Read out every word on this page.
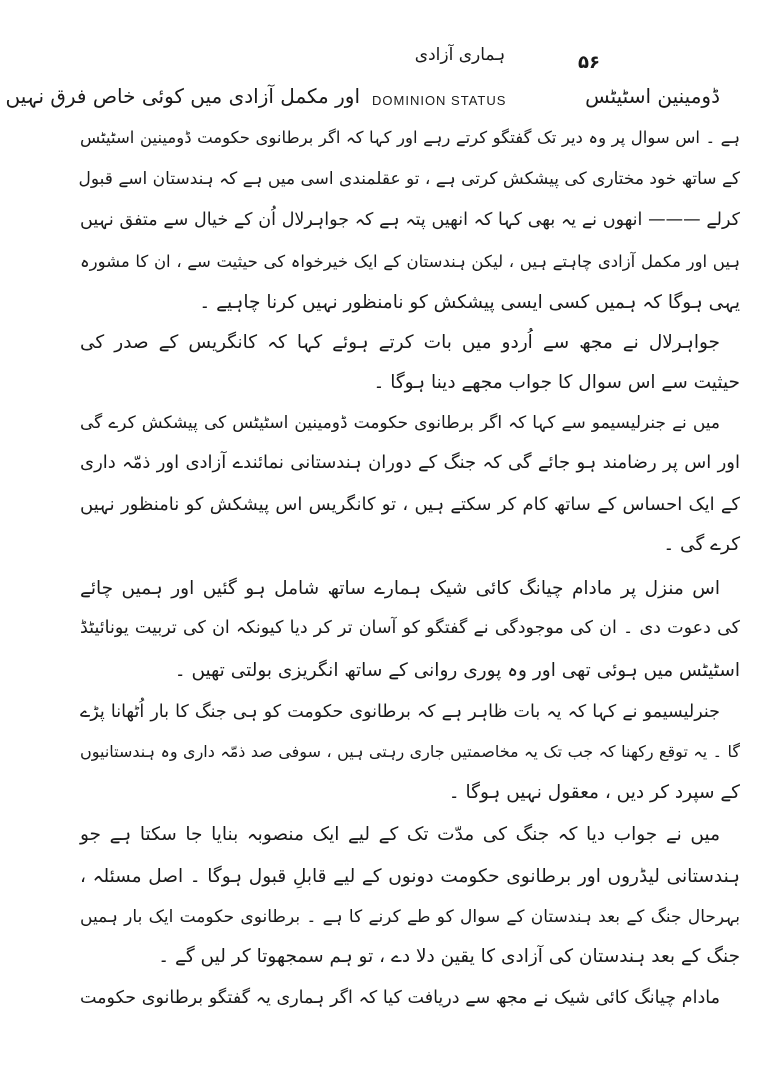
ہماری آزادی	۵۶
DOMINION STATUS
اور مکمل آزادی میں کوئی خاص فرق نہیں	ڈومینین اسٹیٹس
ہے ۔ اس سوال پر وہ دیر تک گفتگو کرتے رہے اور کہا کہ اگر برطانوی حکومت ڈومینین اسٹیٹس
کے ساتھ خود مختاری کی پیشکش کرتی ہے ، تو عقلمندی اسی میں ہے کہ ہندستان اسے قبول
کرلے ——— انھوں نے یہ بھی کہا کہ انھیں پتہ ہے کہ جواہرلال اُن کے خیال سے متفق نہیں
ہیں اور مکمل آزادی چاہتے ہیں ، لیکن ہندستان کے ایک خیرخواہ کی حیثیت سے ، ان کا مشورہ
یہی ہوگا کہ ہمیں کسی ایسی پیشکش کو نامنظور نہیں کرنا چاہیے ۔
جواہرلال نے مجھ سے اُردو میں بات کرتے ہوئے کہا کہ کانگریس کے صدر کی
حیثیت سے اس سوال کا جواب مجھے دینا ہوگا ۔
میں نے جنرلیسیمو سے کہا کہ اگر برطانوی حکومت ڈومینین اسٹیٹس کی پیشکش کرے گی
اور اس پر رضامند ہو جائے گی کہ جنگ کے دوران ہندستانی نمائندے آزادی اور ذمّہ داری
کے ایک احساس کے ساتھ کام کر سکتے ہیں ، تو کانگریس اس پیشکش کو نامنظور نہیں
کرے گی ۔
اس منزل پر مادام چیانگ کائی شیک ہمارے ساتھ شامل ہو گئیں اور ہمیں چائے
کی دعوت دی ۔ ان کی موجودگی نے گفتگو کو آسان تر کر دیا کیونکہ ان کی تربیت یونائیٹڈ
اسٹیٹس میں ہوئی تھی اور وہ پوری روانی کے ساتھ انگریزی بولتی تھیں ۔
جنرلیسیمو نے کہا کہ یہ بات ظاہر ہے کہ برطانوی حکومت کو ہی جنگ کا بار اُٹھانا پڑے
گا ۔ یہ توقع رکھنا کہ جب تک یہ مخاصمتیں جاری رہتی ہیں ، سوفی صد ذمّہ داری وہ ہندستانیوں
کے سپرد کر دیں ، معقول نہیں ہوگا ۔
میں نے جواب دیا کہ جنگ کی مدّت تک کے لیے ایک منصوبہ بنایا جا سکتا ہے جو
ہندستانی لیڈروں اور برطانوی حکومت دونوں کے لیے قابلِ قبول ہوگا ۔ اصل مسئلہ ،
بہرحال جنگ کے بعد ہندستان کے سوال کو طے کرنے کا ہے ۔ برطانوی حکومت ایک بار ہمیں
جنگ کے بعد ہندستان کی آزادی کا یقین دلا دے ، تو ہم سمجھوتا کر لیں گے ۔
مادام چیانگ کائی شیک نے مجھ سے دریافت کیا کہ اگر ہماری یہ گفتگو برطانوی حکومت
